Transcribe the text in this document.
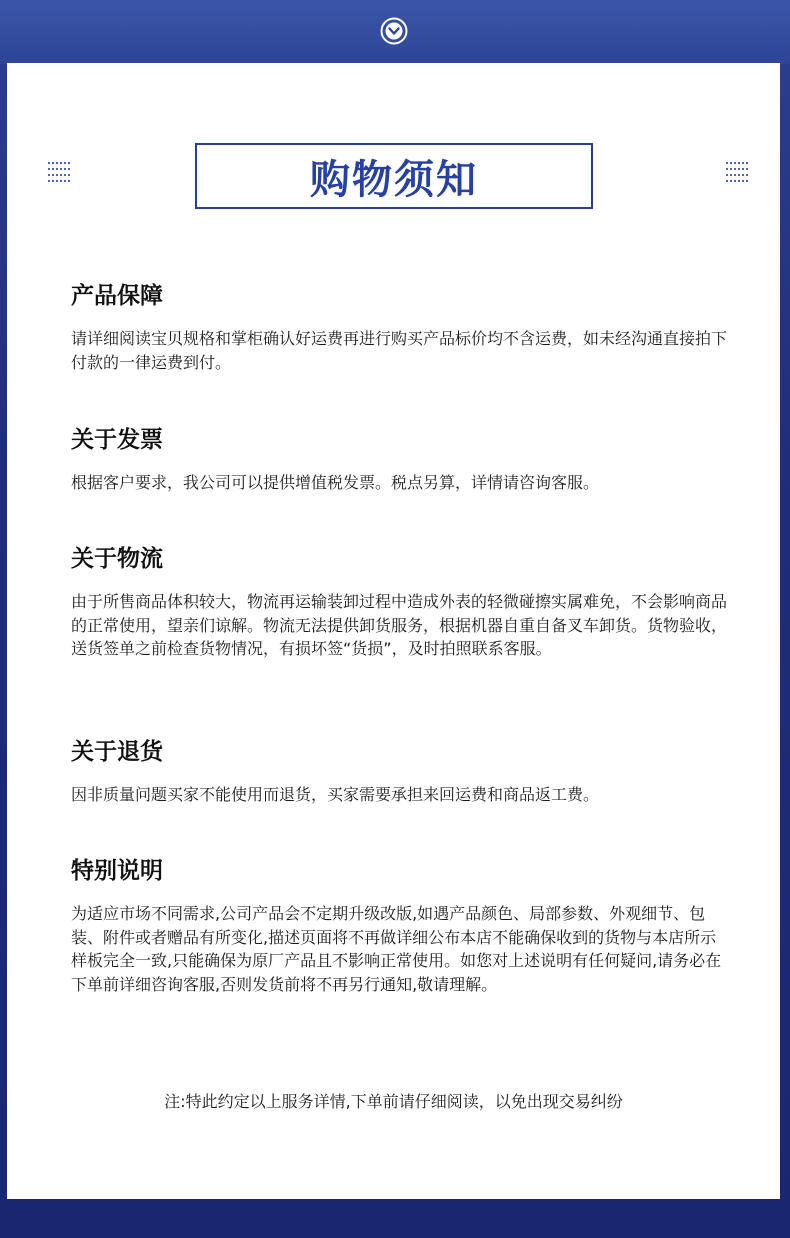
购物须知
产品保障

请详细阅读宝贝规格和掌柜确认好运费再进行购买产品标价均不含运费，如未经沟通直接拍下付款的一律运费到付。

关于发票

根据客户要求，我公司可以提供增值税发票。税点另算，详情请咨询客服。

关于物流

由于所售商品体积较大，物流再运输装卸过程中造成外表的轻微碰擦实属难免，不会影响商品的正常使用，望亲们谅解。物流无法提供卸货服务，根据机器自重自备叉车卸货。货物验收，送货签单之前检查货物情况，有损坏签“货损”，及时拍照联系客服。

关于退货

因非质量问题买家不能使用而退货，买家需要承担来回运费和商品返工费。

特别说明

为适应市场不同需求,公司产品会不定期升级改版,如遇产品颜色、局部参数、外观细节、包装、附件或者赠品有所变化,描述页面将不再做详细公布本店不能确保收到的货物与本店所示样板完全一致,只能确保为原厂产品且不影响正常使用。如您对上述说明有任何疑问,请务必在下单前详细咨询客服,否则发货前将不再另行通知,敬请理解。

注:特此约定以上服务详情,下单前请仔细阅读，以免出现交易纠纷
